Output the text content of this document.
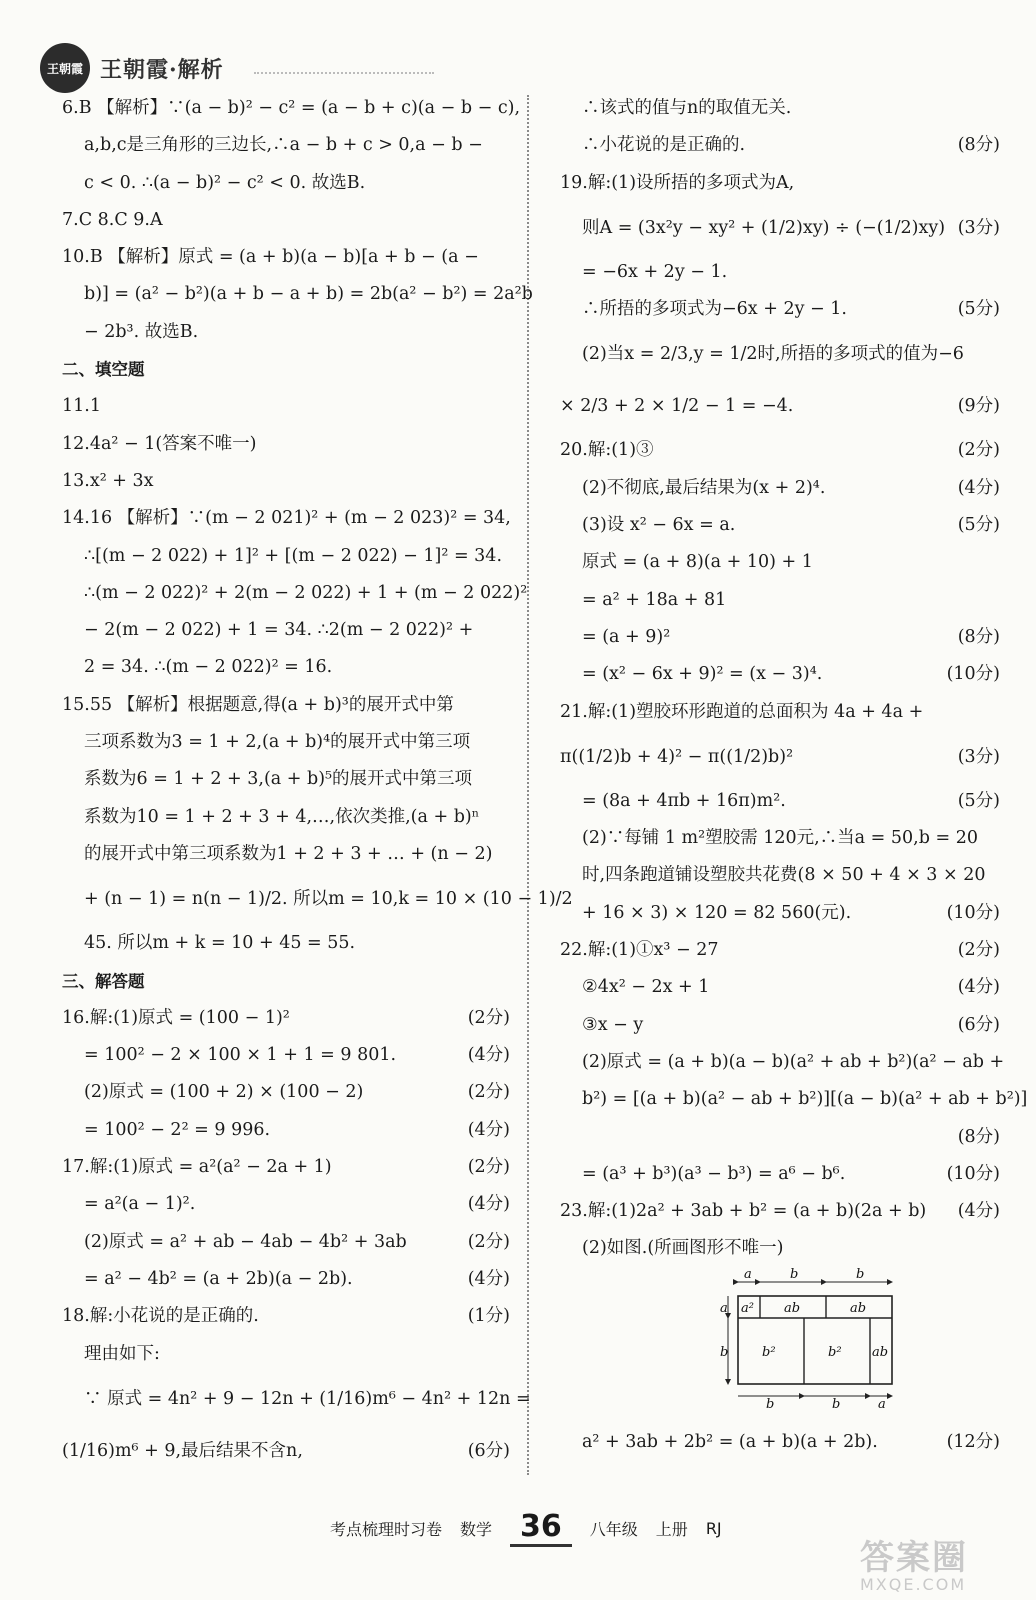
王朝霞 王朝霞·解析
6.B 【解析】∵(a − b)² − c² = (a − b + c)(a − b − c),
a,b,c是三角形的三边长,∴a − b + c > 0,a − b −
c < 0. ∴(a − b)² − c² < 0. 故选B.
7.C 8.C 9.A
10.B 【解析】原式 = (a + b)(a − b)[a + b − (a −
b)] = (a² − b²)(a + b − a + b) = 2b(a² − b²) = 2a²b
− 2b³. 故选B.
二、填空题
11.1
12.4a² − 1(答案不唯一)
13.x² + 3x
14.16 【解析】∵(m − 2 021)² + (m − 2 023)² = 34,
∴[(m − 2 022) + 1]² + [(m − 2 022) − 1]² = 34.
∴(m − 2 022)² + 2(m − 2 022) + 1 + (m − 2 022)²
− 2(m − 2 022) + 1 = 34. ∴2(m − 2 022)² +
2 = 34. ∴(m − 2 022)² = 16.
15.55 【解析】根据题意,得(a + b)³的展开式中第
三项系数为3 = 1 + 2,(a + b)⁴的展开式中第三项
系数为6 = 1 + 2 + 3,(a + b)⁵的展开式中第三项
系数为10 = 1 + 2 + 3 + 4,…,依次类推,(a + b)ⁿ
的展开式中第三项系数为1 + 2 + 3 + … + (n − 2)
+ (n − 1) = n(n − 1)/2. 所以m = 10,k = 10 × (10 − 1)/2
45. 所以m + k = 10 + 45 = 55.
三、解答题
16.解:(1)原式 = (100 − 1)²	(2分)
= 100² − 2 × 100 × 1 + 1 = 9 801.	(4分)
(2)原式 = (100 + 2) × (100 − 2)	(2分)
= 100² − 2² = 9 996.	(4分)
17.解:(1)原式 = a²(a² − 2a + 1)	(2分)
= a²(a − 1)².	(4分)
(2)原式 = a² + ab − 4ab − 4b² + 3ab	(2分)
= a² − 4b² = (a + 2b)(a − 2b).	(4分)
18.解:小花说的是正确的.	(1分)
理由如下:
∵ 原式 = 4n² + 9 − 12n + (1/16)m⁶ − 4n² + 12n =
(1/16)m⁶ + 9,最后结果不含n,	(6分)
∴该式的值与n的取值无关.
∴小花说的是正确的.	(8分)
19.解:(1)设所捂的多项式为A,
则A = (3x²y − xy² + (1/2)xy) ÷ (−(1/2)xy) (3分)
= −6x + 2y − 1.
∴所捂的多项式为−6x + 2y − 1.	(5分)
(2)当x = 2/3,y = 1/2时,所捂的多项式的值为−6
× 2/3 + 2 × 1/2 − 1 = −4.	(9分)
20.解:(1)③	(2分)
(2)不彻底,最后结果为(x + 2)⁴.	(4分)
(3)设 x² − 6x = a.	(5分)
原式 = (a + 8)(a + 10) + 1
= a² + 18a + 81
= (a + 9)²	(8分)
= (x² − 6x + 9)² = (x − 3)⁴.	(10分)
21.解:(1)塑胶环形跑道的总面积为 4a + 4a +
π((1/2)b + 4)² − π((1/2)b)²	(3分)
= (8a + 4πb + 16π)m².	(5分)
(2)∵每铺 1 m²塑胶需 120元,∴当a = 50,b = 20
时,四条跑道铺设塑胶共花费(8 × 50 + 4 × 3 × 20
+ 16 × 3) × 120 = 82 560(元).	(10分)
22.解:(1)①x³ − 27	(2分)
②4x² − 2x + 1	(4分)
③x − y	(6分)
(2)原式 = (a + b)(a − b)(a² + ab + b²)(a² − ab +
b²) = [(a + b)(a² − ab + b²)][(a − b)(a² + ab + b²)]
(8分)
= (a³ + b³)(a³ − b³) = a⁶ − b⁶.	(10分)
23.解:(1)2a² + 3ab + b² = (a + b)(2a + b) (4分)
(2)如图.(所画图形不唯一)
a	b	b
b	b	a
a
b
a² ab	ab
b²	b² ab
a² + 3ab + 2b² = (a + b)(a + 2b).	(12分)
考点梳理时习卷 数学 36	八年级 上册 RJ
答案圈
MXQE.COM
